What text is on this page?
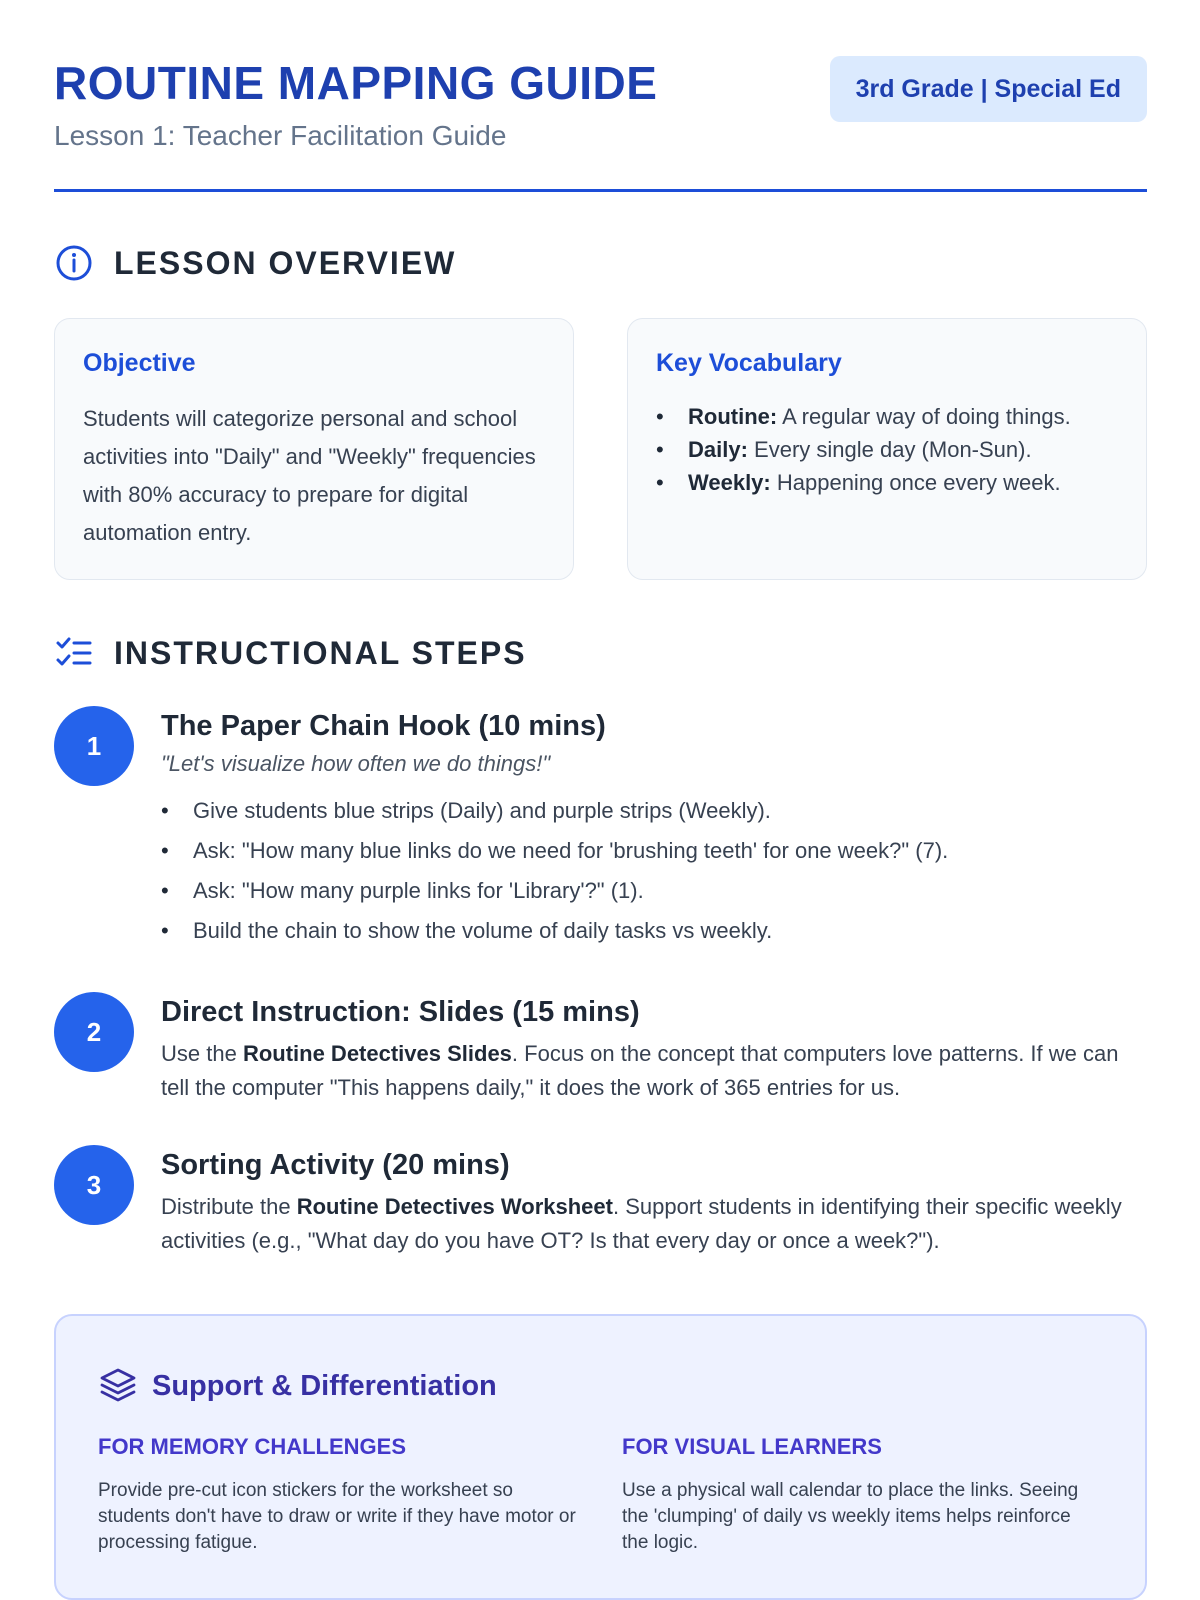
ROUTINE MAPPING GUIDE
Lesson 1: Teacher Facilitation Guide
3rd Grade | Special Ed
LESSON OVERVIEW
Objective

Students will categorize personal and school activities into "Daily" and "Weekly" frequencies with 80% accuracy to prepare for digital automation entry.

Key Vocabulary
• Routine: A regular way of doing things.
• Daily: Every single day (Mon-Sun).
• Weekly: Happening once every week.
INSTRUCTIONAL STEPS
1
The Paper Chain Hook (10 mins)
"Let's visualize how often we do things!"
• Give students blue strips (Daily) and purple strips (Weekly).
• Ask: "How many blue links do we need for 'brushing teeth' for one week?" (7).
• Ask: "How many purple links for 'Library'?" (1).
• Build the chain to show the volume of daily tasks vs weekly.
2
Direct Instruction: Slides (15 mins)

Use the Routine Detectives Slides. Focus on the concept that computers love patterns. If we can tell the computer "This happens daily," it does the work of 365 entries for us.

3
Sorting Activity (20 mins)

Distribute the Routine Detectives Worksheet. Support students in identifying their specific weekly activities (e.g., "What day do you have OT? Is that every day or once a week?").

Support & Differentiation
FOR MEMORY CHALLENGES

Provide pre-cut icon stickers for the worksheet so students don't have to draw or write if they have motor or processing fatigue.

FOR VISUAL LEARNERS

Use a physical wall calendar to place the links. Seeing the 'clumping' of daily vs weekly items helps reinforce the logic.
